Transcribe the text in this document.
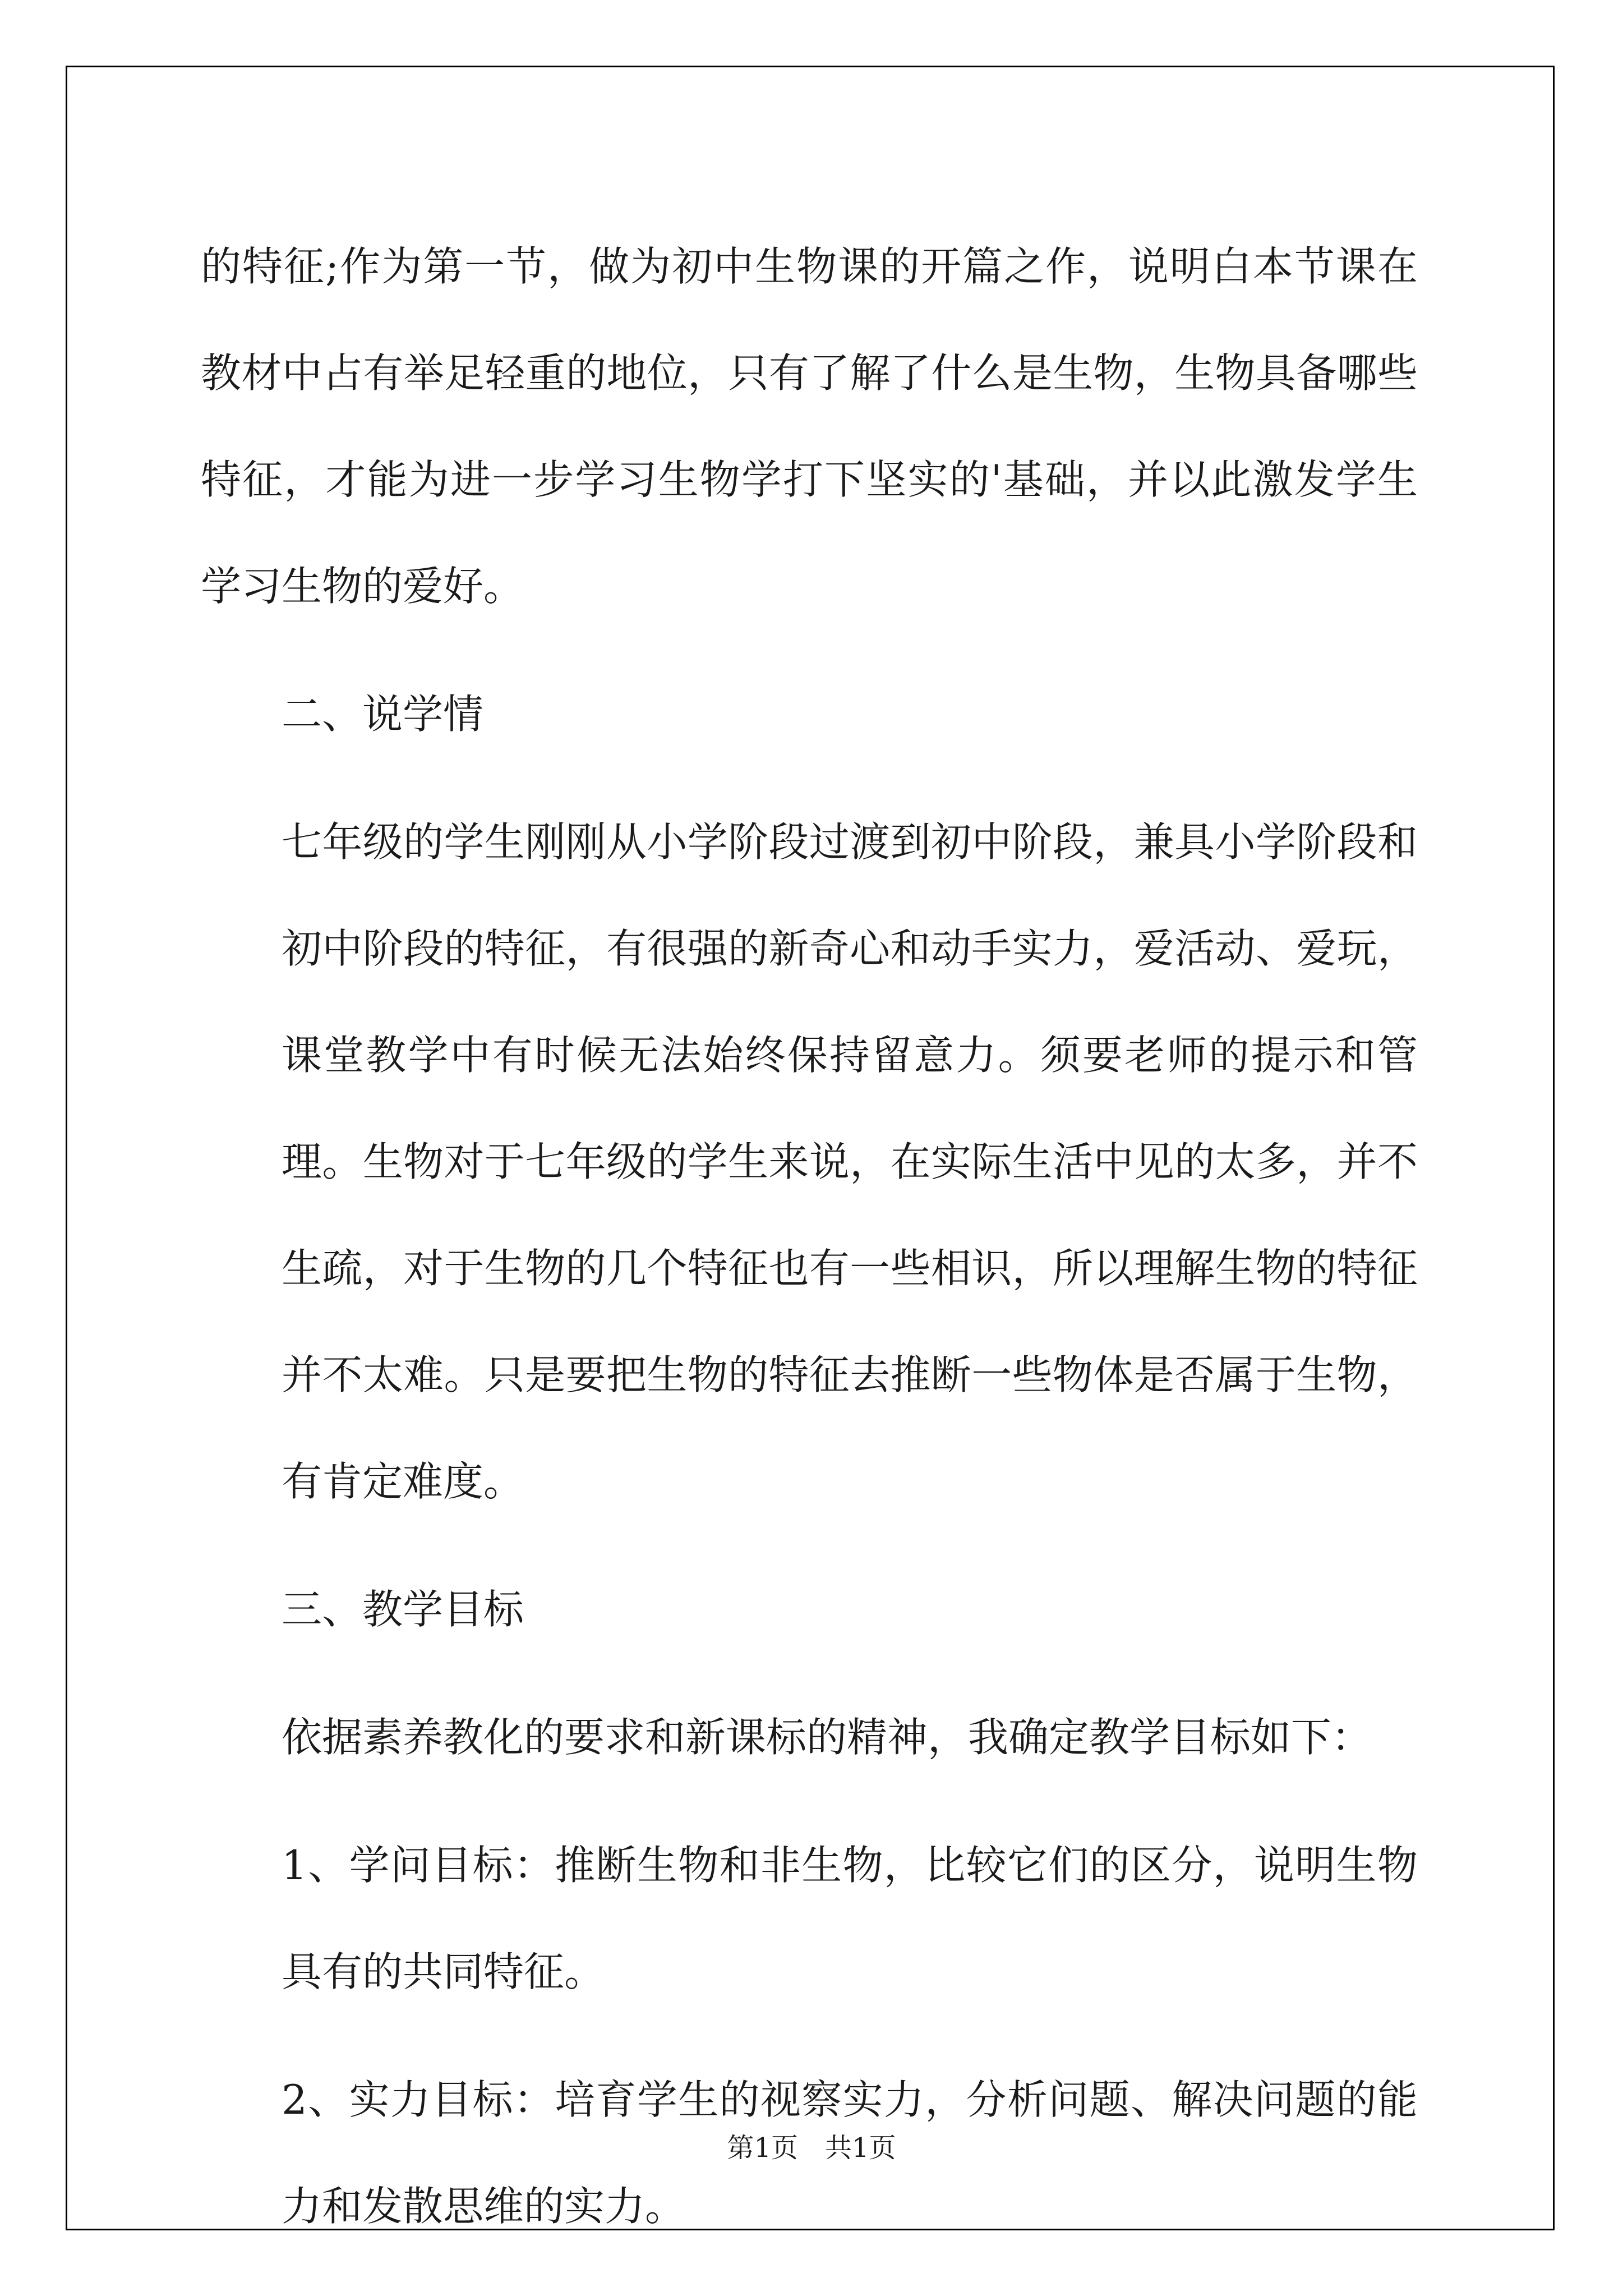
的特征;作为第一节，做为初中生物课的开篇之作，说明白本节课在教材中占有举足轻重的地位，只有了解了什么是生物，生物具备哪些特征，才能为进一步学习生物学打下坚实的'基础，并以此激发学生学习生物的爱好。

二、说学情

七年级的学生刚刚从小学阶段过渡到初中阶段，兼具小学阶段和初中阶段的特征，有很强的新奇心和动手实力，爱活动、爱玩，课堂教学中有时候无法始终保持留意力。须要老师的提示和管理。生物对于七年级的学生来说，在实际生活中见的太多，并不生疏，对于生物的几个特征也有一些相识，所以理解生物的特征并不太难。只是要把生物的特征去推断一些物体是否属于生物，有肯定难度。

三、教学目标

依据素养教化的要求和新课标的精神，我确定教学目标如下：

1、学问目标：推断生物和非生物，比较它们的区分，说明生物具有的共同特征。

2、实力目标：培育学生的视察实力，分析问题、解决问题的能力和发散思维的实力。

第1页　共1页
